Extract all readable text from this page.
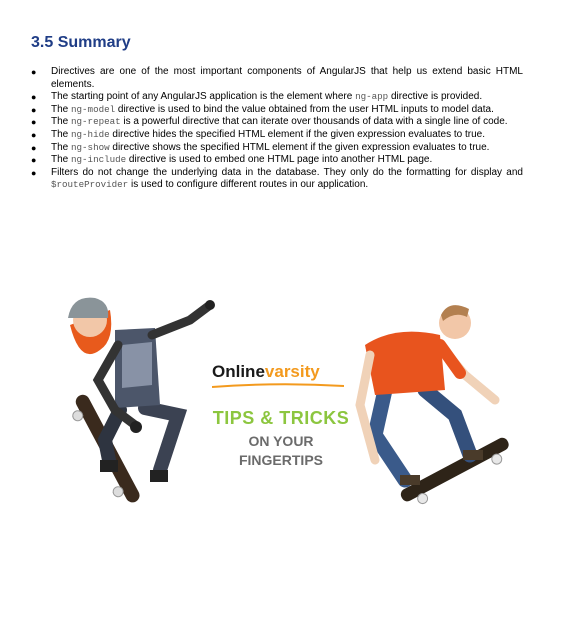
3.5 Summary
● Directives are one of the most important components of AngularJS that help us extend basic HTML elements.
● The starting point of any AngularJS application is the element where ng-app directive is provided.
● The ng-model directive is used to bind the value obtained from the user HTML inputs to model data.
● The ng-repeat is a powerful directive that can iterate over thousands of data with a single line of code.
● The ng-hide directive hides the specified HTML element if the given expression evaluates to true.
● The ng-show directive shows the specified HTML element if the given expression evaluates to true.
● The ng-include directive is used to embed one HTML page into another HTML page.
● Filters do not change the underlying data in the database. They only do the formatting for display and $routeProvider is used to configure different routes in our application.
Onlinevarsity
TIPS & TRICKS
ON YOUR
FINGERTIPS
